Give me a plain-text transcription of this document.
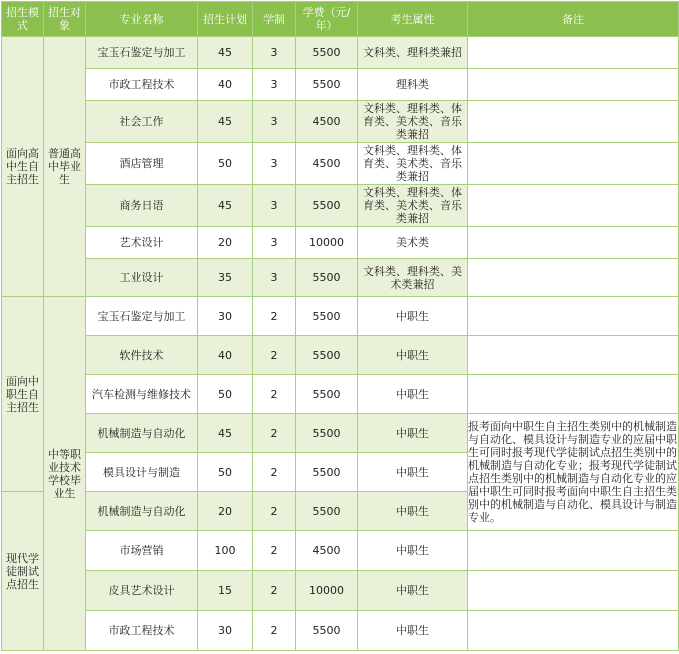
招生模式	招生对象	专业名称	招生计划	学制	学费（元/年）	考生属性	备注
面向高中生自主招生	普通高中毕业生	宝玉石鉴定与加工	45	3	5500	文科类、理科类兼招	
		市政工程技术	40	3	5500	理科类	
		社会工作	45	3	4500	文科类、理科类、体育类、美术类、音乐类兼招	
		酒店管理	50	3	4500	文科类、理科类、体育类、美术类、音乐类兼招	
		商务日语	45	3	5500	文科类、理科类、体育类、美术类、音乐类兼招	
		艺术设计	20	3	10000	美术类	
		工业设计	35	3	5500	文科类、理科类、美术类兼招	
面向中职生自主招生	中等职业技术学校毕业生	宝玉石鉴定与加工	30	2	5500	中职生	
		软件技术	40	2	5500	中职生	
		汽车检测与维修技术	50	2	5500	中职生	
		机械制造与自动化	45	2	5500	中职生	报考面向中职生自主招生类别中的机械制造与自动化、模具设计与制造专业的应届中职生可同时报考现代学徒制试点招生类别中的机械制造与自动化专业；报考现代学徒制试点招生类别中的机械制造与自动化专业的应届中职生可同时报考面向中职生自主招生类别中的机械制造与自动化、模具设计与制造专业。
		模具设计与制造	50	2	5500	中职生	
现代学徒制试点招生		机械制造与自动化	20	2	5500	中职生	
		市场营销	100	2	4500	中职生	
		皮具艺术设计	15	2	10000	中职生	
		市政工程技术	30	2	5500	中职生	
